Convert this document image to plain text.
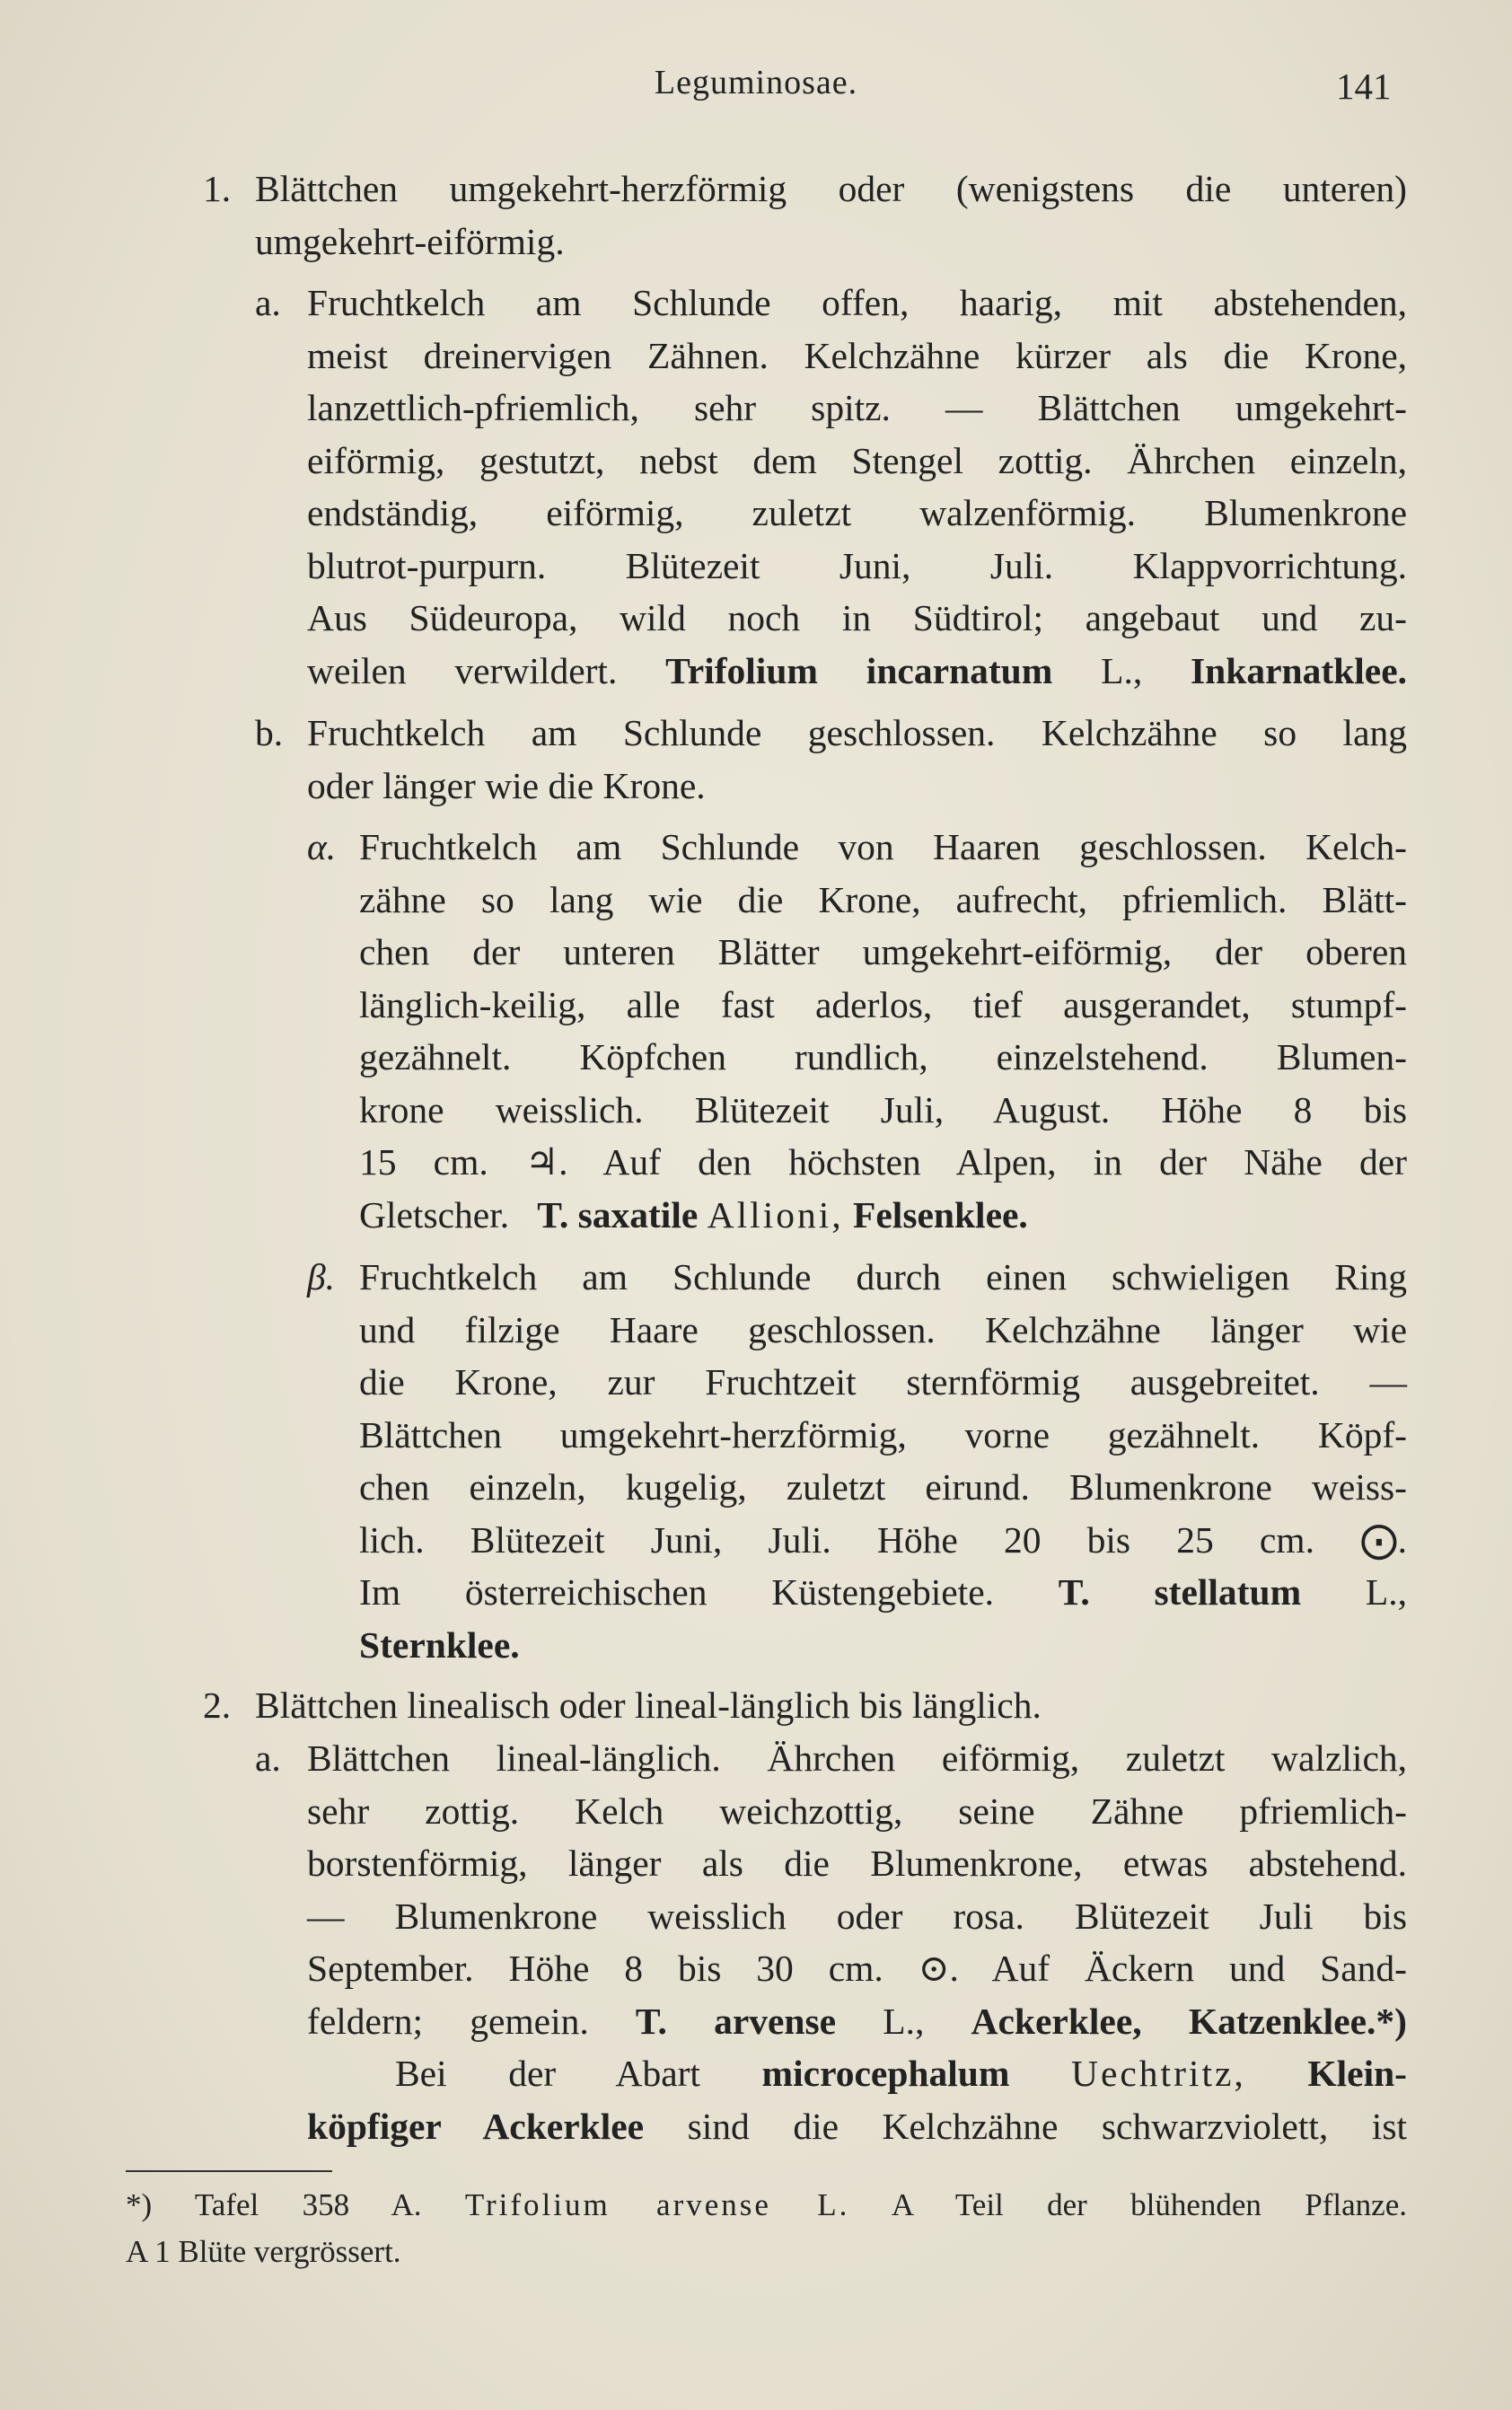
Leguminosae.	141
1. Blättchen umgekehrt-herzförmig oder (wenigstens die unteren)
umgekehrt-eiförmig.
a. Fruchtkelch am Schlunde offen, haarig, mit abstehenden,
meist dreinervigen Zähnen. Kelchzähne kürzer als die Krone,
lanzettlich-pfriemlich, sehr spitz. — Blättchen umgekehrt-
eiförmig, gestutzt, nebst dem Stengel zottig. Ährchen einzeln,
endständig, eiförmig, zuletzt walzenförmig. Blumenkrone
blutrot-purpurn. Blütezeit Juni, Juli. Klappvorrichtung.
Aus Südeuropa, wild noch in Südtirol; angebaut und zu-
weilen verwildert. Trifolium incarnatum L., Inkarnatklee.
b. Fruchtkelch am Schlunde geschlossen. Kelchzähne so lang
oder länger wie die Krone.
α. Fruchtkelch am Schlunde von Haaren geschlossen. Kelch-
zähne so lang wie die Krone, aufrecht, pfriemlich. Blätt-
chen der unteren Blätter umgekehrt-eiförmig, der oberen
länglich-keilig, alle fast aderlos, tief ausgerandet, stumpf-
gezähnelt. Köpfchen rundlich, einzelstehend. Blumen-
krone weisslich. Blütezeit Juli, August. Höhe 8 bis
15 cm. ♃. Auf den höchsten Alpen, in der Nähe der
Gletscher. T. saxatile Allioni, Felsenklee.
β. Fruchtkelch am Schlunde durch einen schwieligen Ring
und filzige Haare geschlossen. Kelchzähne länger wie
die Krone, zur Fruchtzeit sternförmig ausgebreitet. —
Blättchen umgekehrt-herzförmig, vorne gezähnelt. Köpf-
chen einzeln, kugelig, zuletzt eirund. Blumenkrone weiss-
lich. Blütezeit Juni, Juli. Höhe 20 bis 25 cm. ⨀.
Im österreichischen Küstengebiete. T. stellatum L.,
Sternklee.
2. Blättchen linealisch oder lineal-länglich bis länglich.
a. Blättchen lineal-länglich. Ährchen eiförmig, zuletzt walzlich,
sehr zottig. Kelch weichzottig, seine Zähne pfriemlich-
borstenförmig, länger als die Blumenkrone, etwas abstehend.
— Blumenkrone weisslich oder rosa. Blütezeit Juli bis
September. Höhe 8 bis 30 cm. ⊙. Auf Äckern und Sand-
feldern; gemein. T. arvense L., Ackerklee, Katzenklee.*)
Bei der Abart microcephalum Uechtritz, Klein-
köpfiger Ackerklee sind die Kelchzähne schwarzviolett, ist
*) Tafel 358 A. Trifolium arvense L. A Teil der blühenden Pflanze.
A 1 Blüte vergrössert.
